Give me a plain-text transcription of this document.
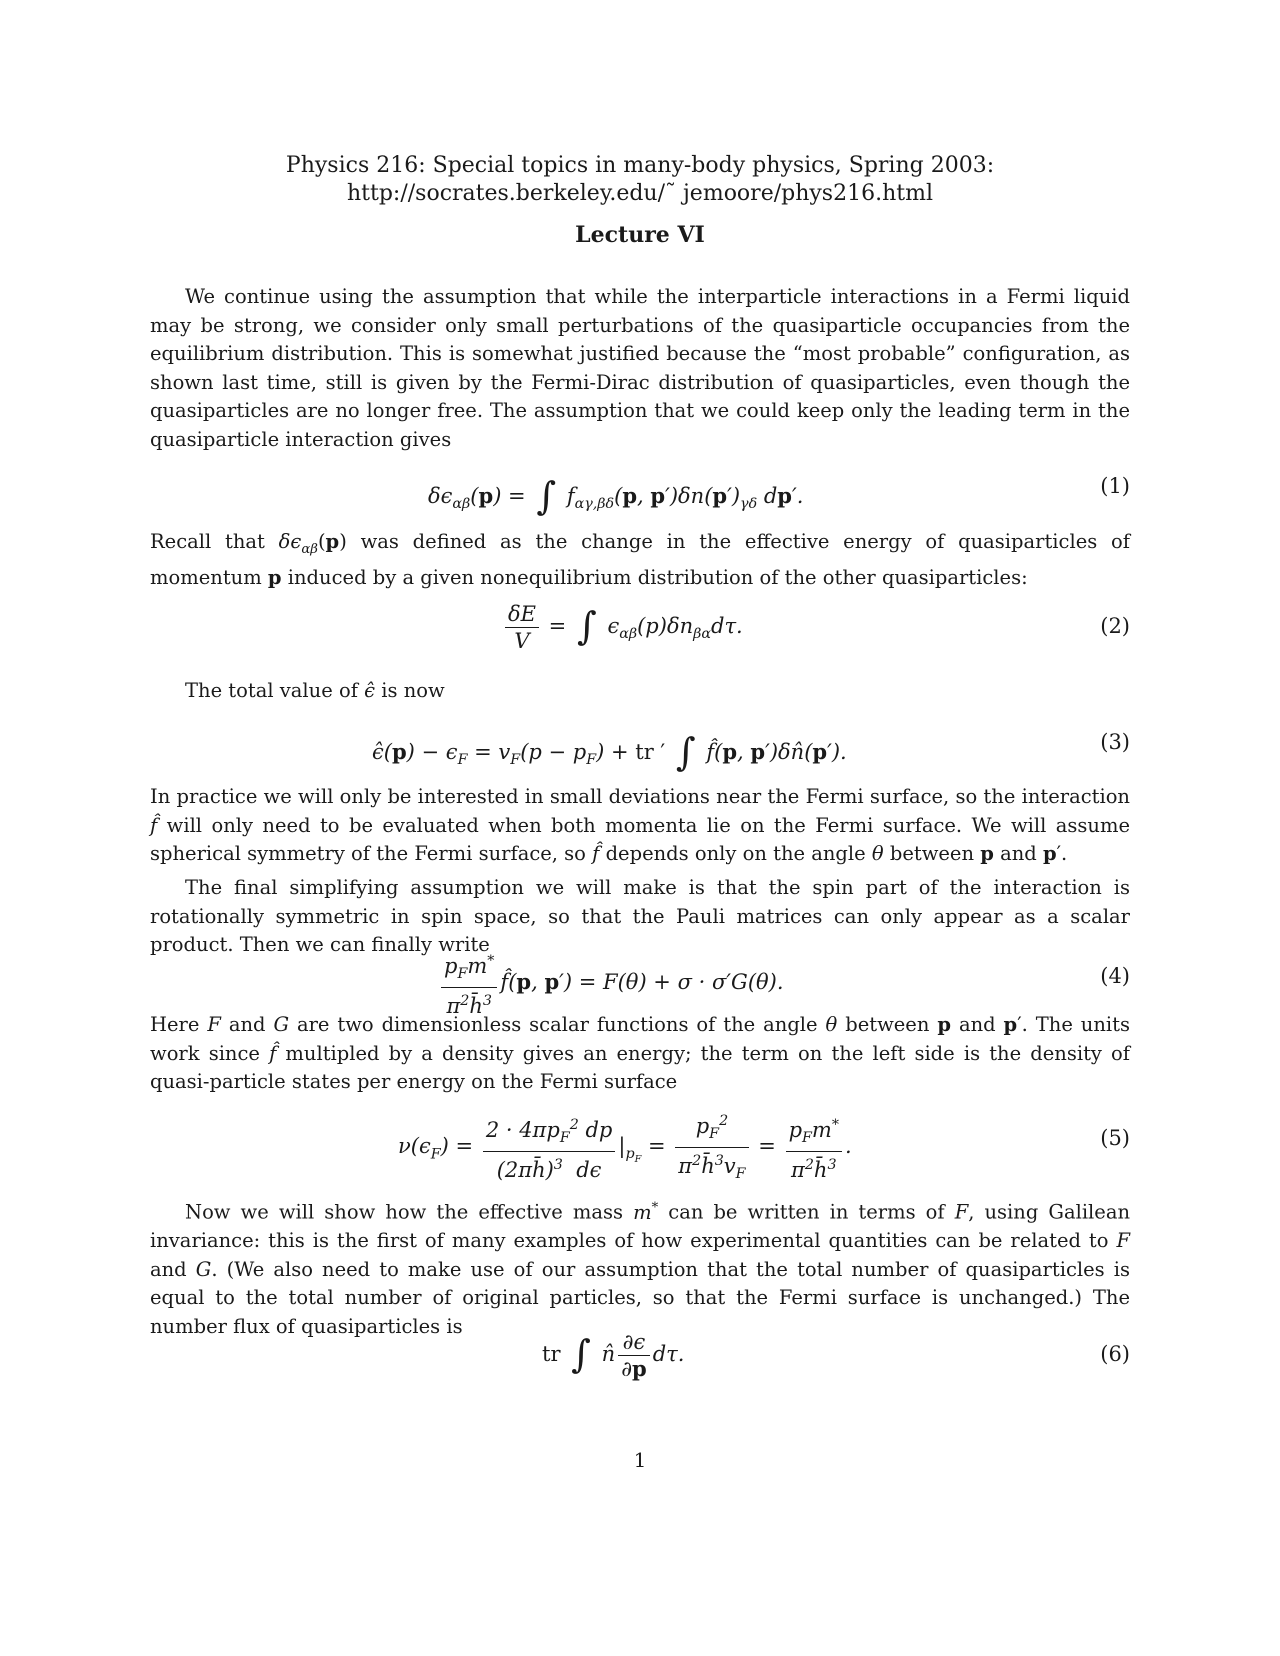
Physics 216: Special topics in many-body physics, Spring 2003:
http://socrates.berkeley.edu/˜ jemoore/phys216.html
Lecture VI

We continue using the assumption that while the interparticle interactions in a Fermi liquid may be strong, we consider only small perturbations of the quasiparticle occupancies from the equilibrium distribution. This is somewhat justified because the “most probable” configuration, as shown last time, still is given by the Fermi-Dirac distribution of quasiparticles, even though the quasiparticles are no longer free. The assumption that we could keep only the leading term in the quasiparticle interaction gives

$\delta\epsilon_{\alpha\beta}(p)$ = ∫ $f_{\alpha\gamma,\beta\delta}(p$, $p')\delta n(p')_{\gamma\delta}$ dp′.	(1)

Recall that $\delta\epsilon_{\alpha\beta}(p)$ was defined as the change in the effective energy of quasiparticles of momentum p induced by a given nonequilibrium distribution of the other quasiparticles:

$\frac{\delta E}{V}$ = ∫ $\epsilon_{\alpha\beta}(p)\delta n_{\beta\alpha}d\tau$.	(2)

The total value of ϵ̂ is now

ϵ̂(p) − $\epsilon_F = v_F(p - p_F)$ + tr ′ ∫ f̂(p, p′)δn̂(p′).	(3)

In practice we will only be interested in small deviations near the Fermi surface, so the interaction f̂ will only need to be evaluated when both momenta lie on the Fermi surface. We will assume spherical symmetry of the Fermi surface, so f̂ depends only on the angle θ between p and p′.

The final simplifying assumption we will make is that the spin part of the interaction is rotationally symmetric in spin space, so that the Pauli matrices can only appear as a scalar product. Then we can finally write

$\frac{p_Fm^*}{\pi^2h̄^3}$ f̂(p, p′) = F(θ) + σ · σ′G(θ).	(4)

Here F and G are two dimensionless scalar functions of the angle θ between p and p′. The units work since f̂ multipled by a density gives an energy; the term on the left side is the density of quasi-particle states per energy on the Fermi surface

$\nu(\epsilon_F) = \frac{2 \cdot 4\pi p_F^2 dp}{(2\pi h̄)^3 d\epsilon} |_{p_F} = \frac{p_F^2}{\pi^2h̄^3v_F} = \frac{p_Fm^*}{\pi^2h̄^3}$ .	(5)

Now we will show how the effective mass m* can be written in terms of F, using Galilean invariance: this is the first of many examples of how experimental quantities can be related to F and G. (We also need to make use of our assumption that the total number of quasiparticles is equal to the total number of original particles, so that the Fermi surface is unchanged.) The number flux of quasiparticles is

tr ∫ n̂ $\frac{\partial\epsilon}{\partial p} d\tau$.	(6)
1
